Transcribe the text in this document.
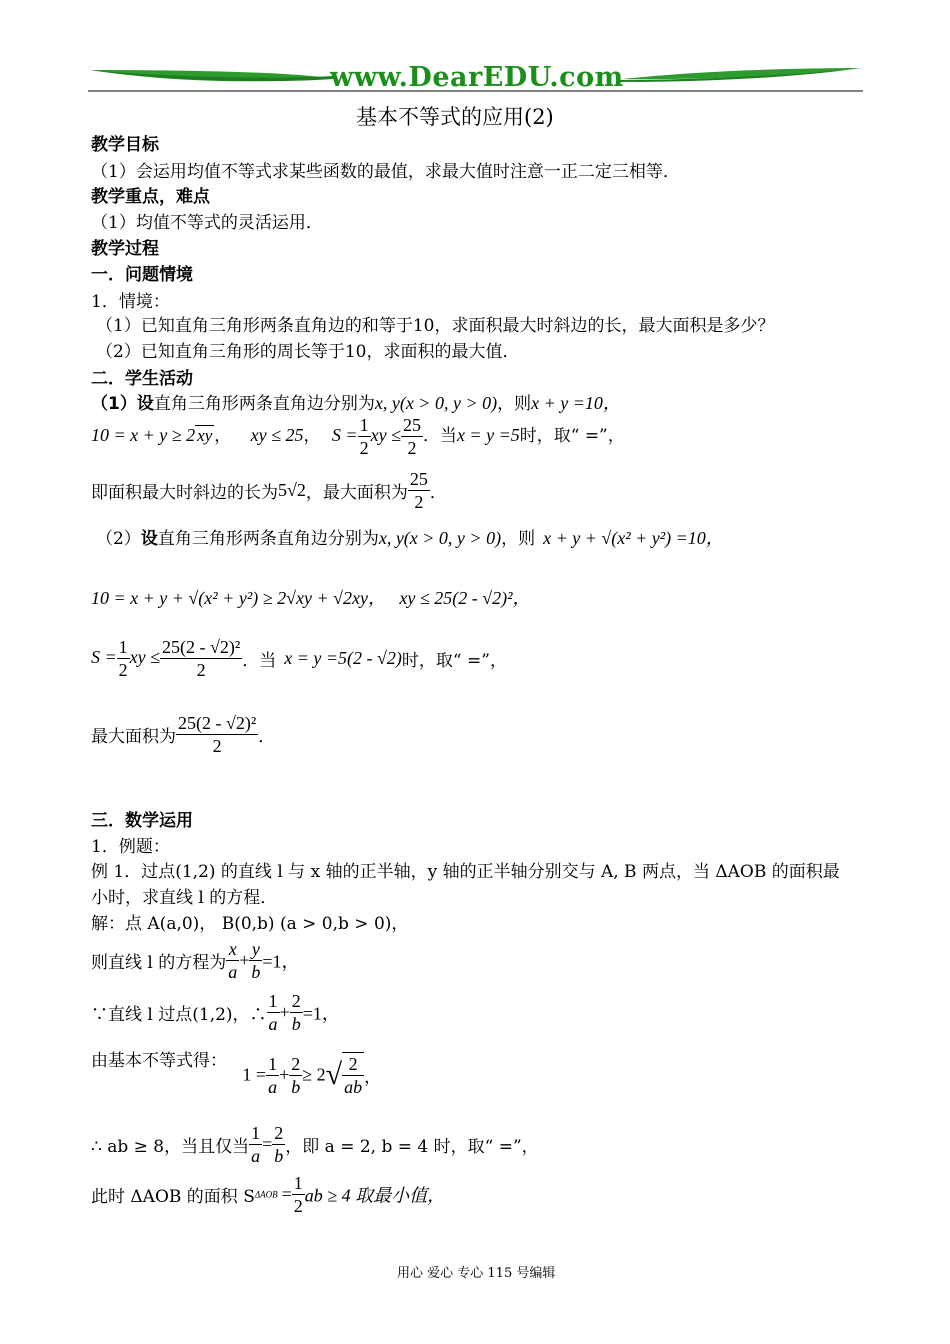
www.DearEDU.com
基本不等式的应用(2)
教学目标
（1）会运用均值不等式求某些函数的最值，求最大值时注意一正二定三相等．
教学重点，难点
（1）均值不等式的灵活运用．
教学过程
一．问题情境
1．情境：
（1）已知直角三角形两条直角边的和等于10，求面积最大时斜边的长，最大面积是多少？
（2）已知直角三角形的周长等于10，求面积的最大值．
二．学生活动
（1）设直角三角形两条直角边分别为x, y(x > 0, y > 0)，则x + y =10，
10 = x + y ≥ 2 xy ， xy ≤ 25， $S = \frac{1}{2}$ xy ≤ $\frac{25}{2}$ ．当x = y =5时，取“ =”，
即面积最大时斜边的长为5√2，最大面积为 $\frac{25}{2}$ ．
（2）设直角三角形两条直角边分别为x, y(x > 0, y > 0)，则 x + y + √(x² + y²) =10，
10 = x + y + √(x² + y²) ≥ 2√xy + √2xy， xy ≤ 25(2 - √2)²，
$S = \frac{1}{2}$ xy ≤ $\frac{\text{25(2 - √2)²}}{2}$ ．当 x = y =5(2 - √2)时，取“ =”，
最大面积为 $\frac{\text{25(2 - √2)²}}{2}$ ．
三．数学运用
1．例题：
例 1．过点(1,2) 的直线 l 与 x 轴的正半轴，y 轴的正半轴分别交与 A, B 两点，当 ΔAOB 的面积最
小时，求直线 l 的方程．
解：点 A(a,0)， B(0,b) (a > 0,b > 0)，
则直线 l 的方程为 $\frac{x}{a} + \frac{y}{b} =1$，
∵直线 l 过点(1,2)，∴ $\frac{1}{a} + \frac{2}{b} =1$，
由基本不等式得： $1 = \frac{1}{a} + \frac{2}{b} \ge 2√ \frac{2}{ab}$ ，
∴ ab ≥ 8，当且仅当 $\frac{1}{a} = \frac{2}{b}$ ，即 a = 2, b = 4 时，取“ =”，
此时 ΔAOB 的面积 $S\Delta AOB = \frac{1}{2}$ ab ≥ 4 取最小值，
用心 爱心 专心 115 号编辑
